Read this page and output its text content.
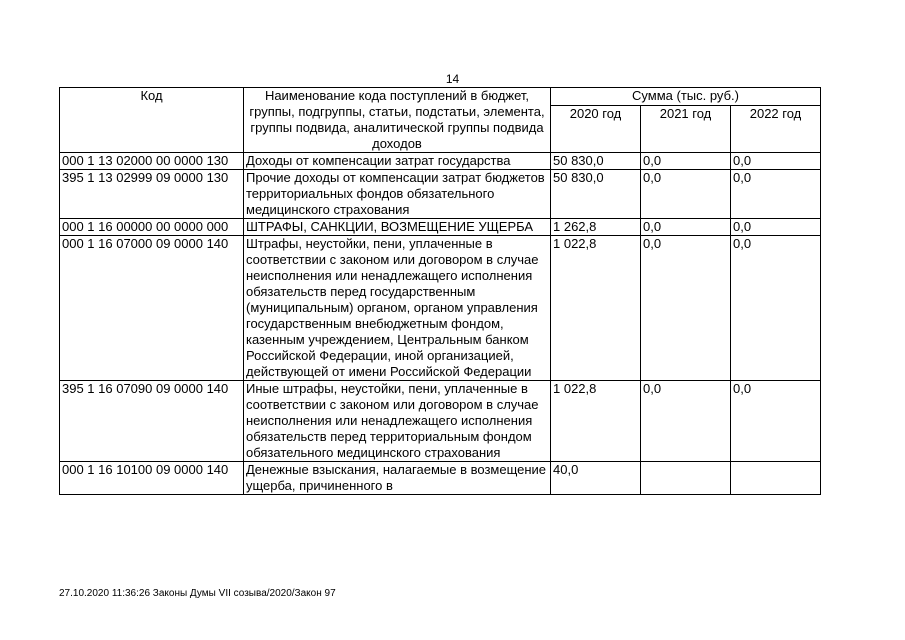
14
Код	Наименование кода поступлений в бюджет, группы, подгруппы, статьи, подстатьи, элемента, группы подвида, аналитической группы подвида доходов	Сумма (тыс. руб.)		
		2020 год	2021 год	2022 год
000 1 13 02000 00 0000 130	Доходы от компенсации затрат государства	50 830,0	0,0	0,0
395 1 13 02999 09 0000 130	Прочие доходы от компенсации затрат бюджетов территориальных фондов обязательного медицинского страхования	50 830,0	0,0	0,0
000 1 16 00000 00 0000 000	ШТРАФЫ, САНКЦИИ, ВОЗМЕЩЕНИЕ УЩЕРБА	1 262,8	0,0	0,0
000 1 16 07000 09 0000 140	Штрафы, неустойки, пени, уплаченные в соответствии с законом или договором в случае неисполнения или ненадлежащего исполнения обязательств перед государственным (муниципальным) органом, органом управления государственным внебюджетным фондом, казенным учреждением, Центральным банком Российской Федерации, иной организацией, действующей от имени Российской Федерации	1 022,8	0,0	0,0
395 1 16 07090 09 0000 140	Иные штрафы, неустойки, пени, уплаченные в соответствии с законом или договором в случае неисполнения или ненадлежащего исполнения обязательств перед территориальным фондом обязательного медицинского страхования	1 022,8	0,0	0,0
000 1 16 10100 09 0000 140	Денежные взыскания, налагаемые в возмещение ущерба, причиненного в	40,0		
27.10.2020 11:36:26 Законы Думы VII созыва/2020/Закон 97
